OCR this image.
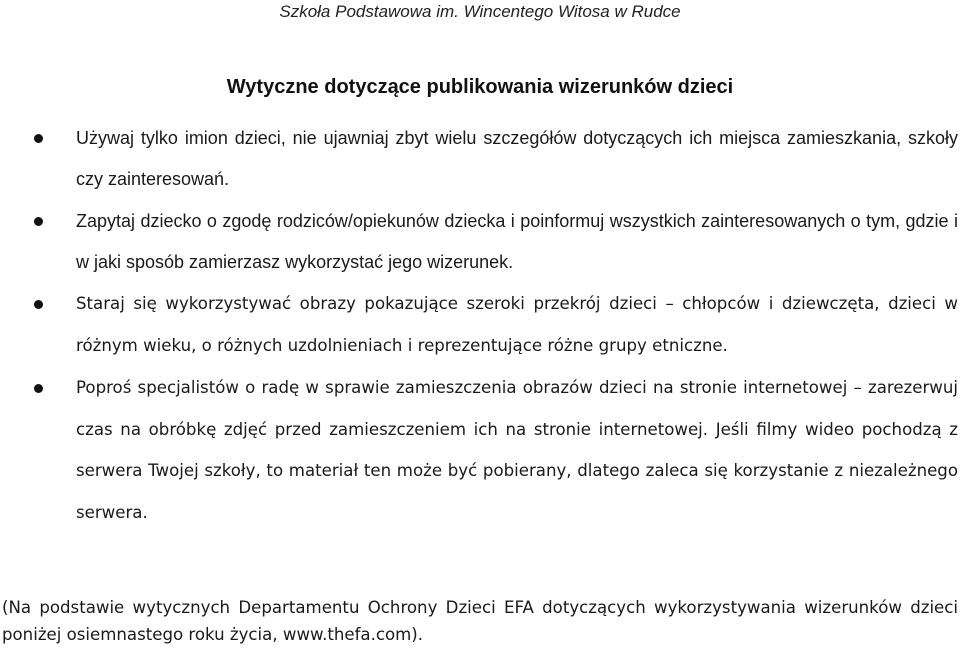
Szkoła Podstawowa im. Wincentego Witosa w Rudce
Wytyczne dotyczące publikowania wizerunków dzieci
Używaj tylko imion dzieci, nie ujawniaj zbyt wielu szczegółów dotyczących ich miejsca zamieszkania, szkoły czy zainteresowań.
Zapytaj dziecko o zgodę rodziców/opiekunów dziecka i poinformuj wszystkich zainteresowanych o tym, gdzie i w jaki sposób zamierzasz wykorzystać jego wizerunek.
Staraj się wykorzystywać obrazy pokazujące szeroki przekrój dzieci – chłopców i dziewczęta, dzieci w różnym wieku, o różnych uzdolnieniach i reprezentujące różne grupy etniczne.
Poproś specjalistów o radę w sprawie zamieszczenia obrazów dzieci na stronie internetowej – zarezerwuj czas na obróbkę zdjęć przed zamieszczeniem ich na stronie internetowej. Jeśli filmy wideo pochodzą z serwera Twojej szkoły, to materiał ten może być pobierany, dlatego zaleca się korzystanie z niezależnego serwera.
(Na podstawie wytycznych Departamentu Ochrony Dzieci EFA dotyczących wykorzystywania wizerunków dzieci poniżej osiemnastego roku życia, www.thefa.com).
